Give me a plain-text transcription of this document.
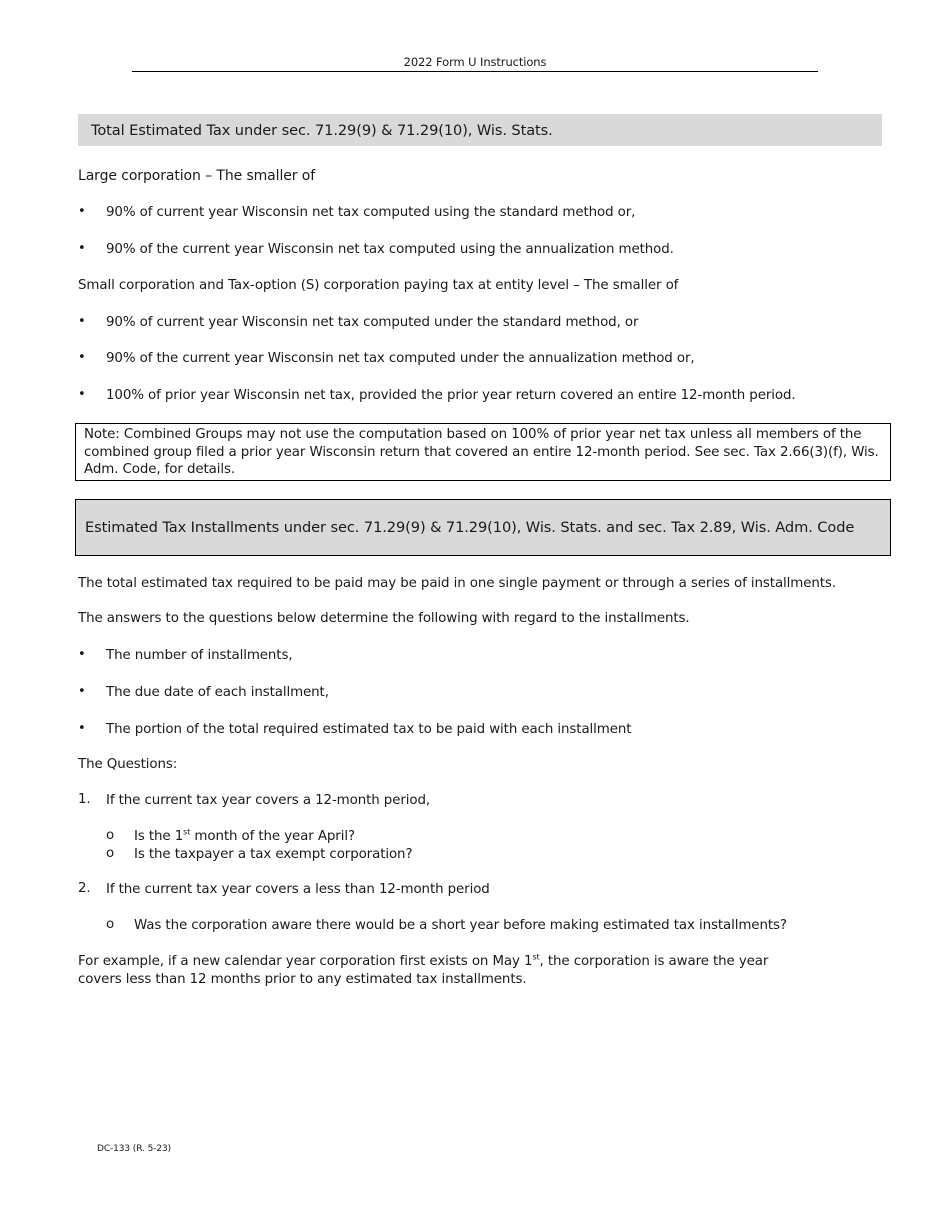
2022 Form U Instructions
Total Estimated Tax under sec. 71.29(9) & 71.29(10), Wis. Stats.
Large corporation – The smaller of
• 90% of current year Wisconsin net tax computed using the standard method or,
• 90% of the current year Wisconsin net tax computed using the annualization method.
Small corporation and Tax-option (S) corporation paying tax at entity level – The smaller of
• 90% of current year Wisconsin net tax computed under the standard method, or
• 90% of the current year Wisconsin net tax computed under the annualization method or,
• 100% of prior year Wisconsin net tax, provided the prior year return covered an entire 12-month period.
Note: Combined Groups may not use the computation based on 100% of prior year net tax unless all members of the combined group filed a prior year Wisconsin return that covered an entire 12-month period. See sec. Tax 2.66(3)(f), Wis. Adm. Code, for details.
Estimated Tax Installments under sec. 71.29(9) & 71.29(10), Wis. Stats. and sec. Tax 2.89, Wis. Adm. Code
The total estimated tax required to be paid may be paid in one single payment or through a series of installments.
The answers to the questions below determine the following with regard to the installments.
• The number of installments,
• The due date of each installment,
• The portion of the total required estimated tax to be paid with each installment
The Questions:
1. If the current tax year covers a 12-month period,
o Is the 1st month of the year April?
o Is the taxpayer a tax exempt corporation?
2. If the current tax year covers a less than 12-month period
o Was the corporation aware there would be a short year before making estimated tax installments?
For example, if a new calendar year corporation first exists on May 1st, the corporation is aware the year
covers less than 12 months prior to any estimated tax installments.
DC-133 (R. 5-23)
